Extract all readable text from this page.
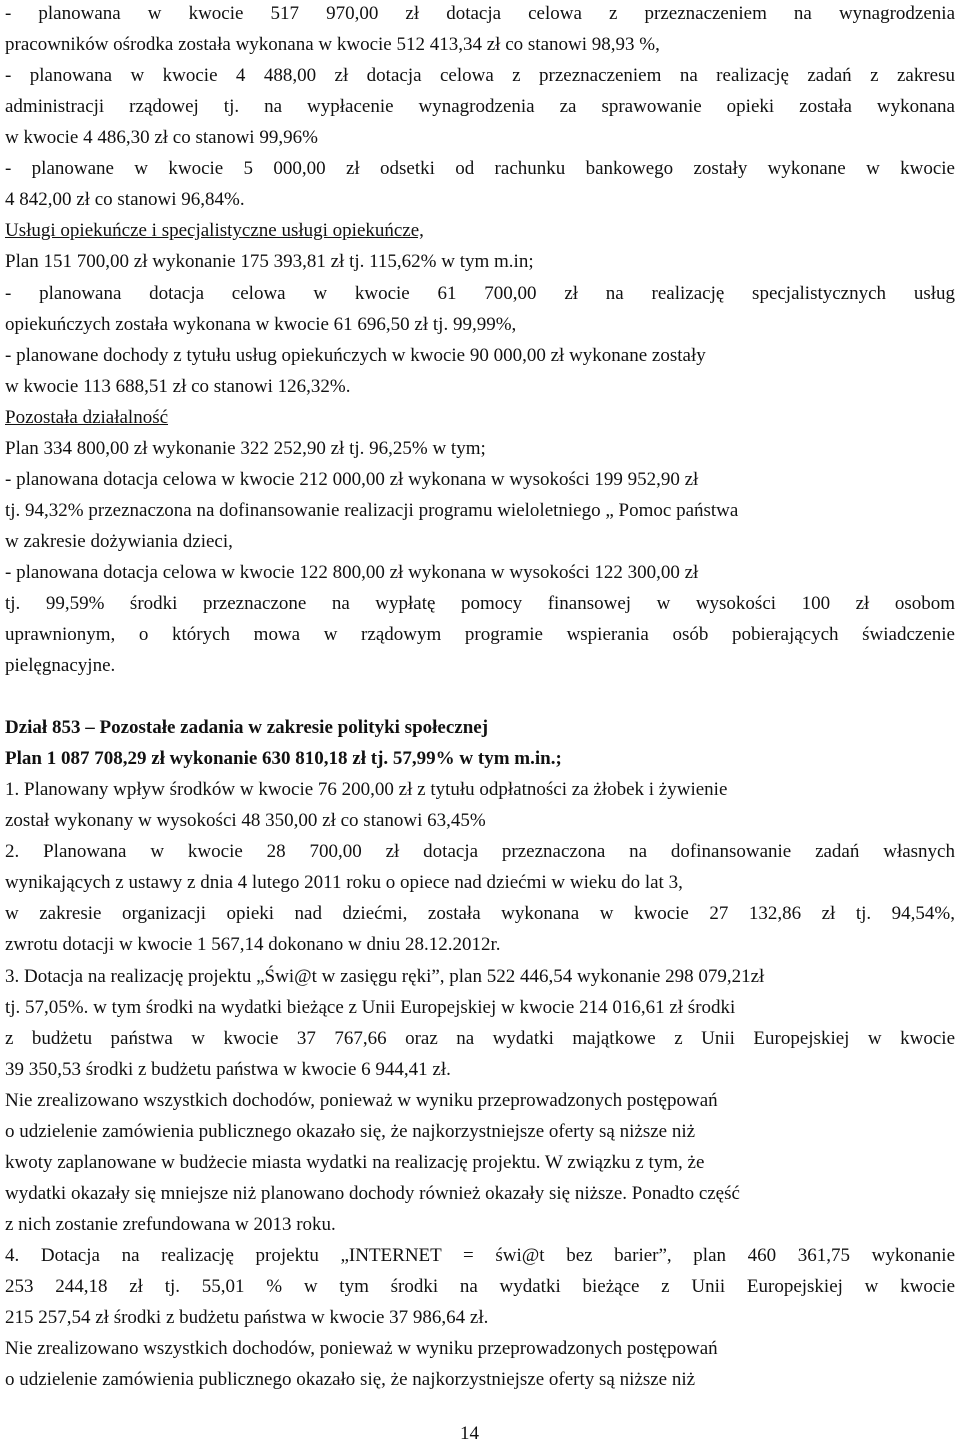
- planowana w kwocie 517 970,00 zł dotacja celowa z przeznaczeniem na wynagrodzenia
pracowników ośrodka została wykonana w kwocie 512 413,34 zł co stanowi 98,93 %,
- planowana w kwocie 4 488,00 zł dotacja celowa z przeznaczeniem na realizację zadań z zakresu
administracji rządowej tj. na wypłacenie wynagrodzenia za sprawowanie opieki została wykonana
w kwocie 4 486,30 zł co stanowi 99,96%
- planowane w kwocie 5 000,00 zł odsetki od rachunku bankowego zostały wykonane w kwocie
4 842,00 zł co stanowi 96,84%.
Usługi opiekuńcze i specjalistyczne usługi opiekuńcze,
Plan 151 700,00 zł wykonanie 175 393,81 zł tj. 115,62% w tym m.in;
- planowana dotacja celowa w kwocie 61 700,00 zł na realizację specjalistycznych usług
opiekuńczych została wykonana w kwocie 61 696,50 zł tj. 99,99%,
- planowane dochody z tytułu usług opiekuńczych w kwocie 90 000,00 zł wykonane zostały
w kwocie 113 688,51 zł co stanowi 126,32%.
Pozostała działalność
Plan 334 800,00 zł wykonanie 322 252,90 zł tj. 96,25% w tym;
- planowana dotacja celowa w kwocie 212 000,00 zł wykonana w wysokości 199 952,90 zł
tj. 94,32% przeznaczona na dofinansowanie realizacji programu wieloletniego „ Pomoc państwa
w zakresie dożywiania dzieci,
- planowana dotacja celowa w kwocie 122 800,00 zł wykonana w wysokości 122 300,00 zł
tj. 99,59% środki przeznaczone na wypłatę pomocy finansowej w wysokości 100 zł osobom
uprawnionym, o których mowa w rządowym programie wspierania osób pobierających świadczenie
pielęgnacyjne.
Dział 853 – Pozostałe zadania w zakresie polityki społecznej
Plan 1 087 708,29 zł wykonanie 630 810,18 zł tj. 57,99% w tym m.in.;
1. Planowany wpływ środków w kwocie 76 200,00 zł z tytułu odpłatności za żłobek i żywienie
został wykonany w wysokości 48 350,00 zł co stanowi 63,45%
2. Planowana w kwocie 28 700,00 zł dotacja przeznaczona na dofinansowanie zadań własnych
wynikających z ustawy z dnia 4 lutego 2011 roku o opiece nad dziećmi w wieku do lat 3,
w zakresie organizacji opieki nad dziećmi, została wykonana w kwocie 27 132,86 zł tj. 94,54%,
zwrotu dotacji w kwocie 1 567,14 dokonano w dniu 28.12.2012r.
3. Dotacja na realizację projektu „Świ@t w zasięgu ręki”, plan 522 446,54 wykonanie 298 079,21zł
tj. 57,05%. w tym środki na wydatki bieżące z Unii Europejskiej w kwocie 214 016,61 zł środki
z budżetu państwa w kwocie 37 767,66 oraz na wydatki majątkowe z Unii Europejskiej w kwocie
39 350,53 środki z budżetu państwa w kwocie 6 944,41 zł.
Nie zrealizowano wszystkich dochodów, ponieważ w wyniku przeprowadzonych postępowań
o udzielenie zamówienia publicznego okazało się, że najkorzystniejsze oferty są niższe niż
kwoty zaplanowane w budżecie miasta wydatki na realizację projektu. W związku z tym, że
wydatki okazały się mniejsze niż planowano dochody również okazały się niższe. Ponadto część
z nich zostanie zrefundowana w 2013 roku.
4. Dotacja na realizację projektu „INTERNET = świ@t bez barier”, plan 460 361,75 wykonanie
253 244,18 zł tj. 55,01 % w tym środki na wydatki bieżące z Unii Europejskiej w kwocie
215 257,54 zł środki z budżetu państwa w kwocie 37 986,64 zł.
Nie zrealizowano wszystkich dochodów, ponieważ w wyniku przeprowadzonych postępowań
o udzielenie zamówienia publicznego okazało się, że najkorzystniejsze oferty są niższe niż
14
